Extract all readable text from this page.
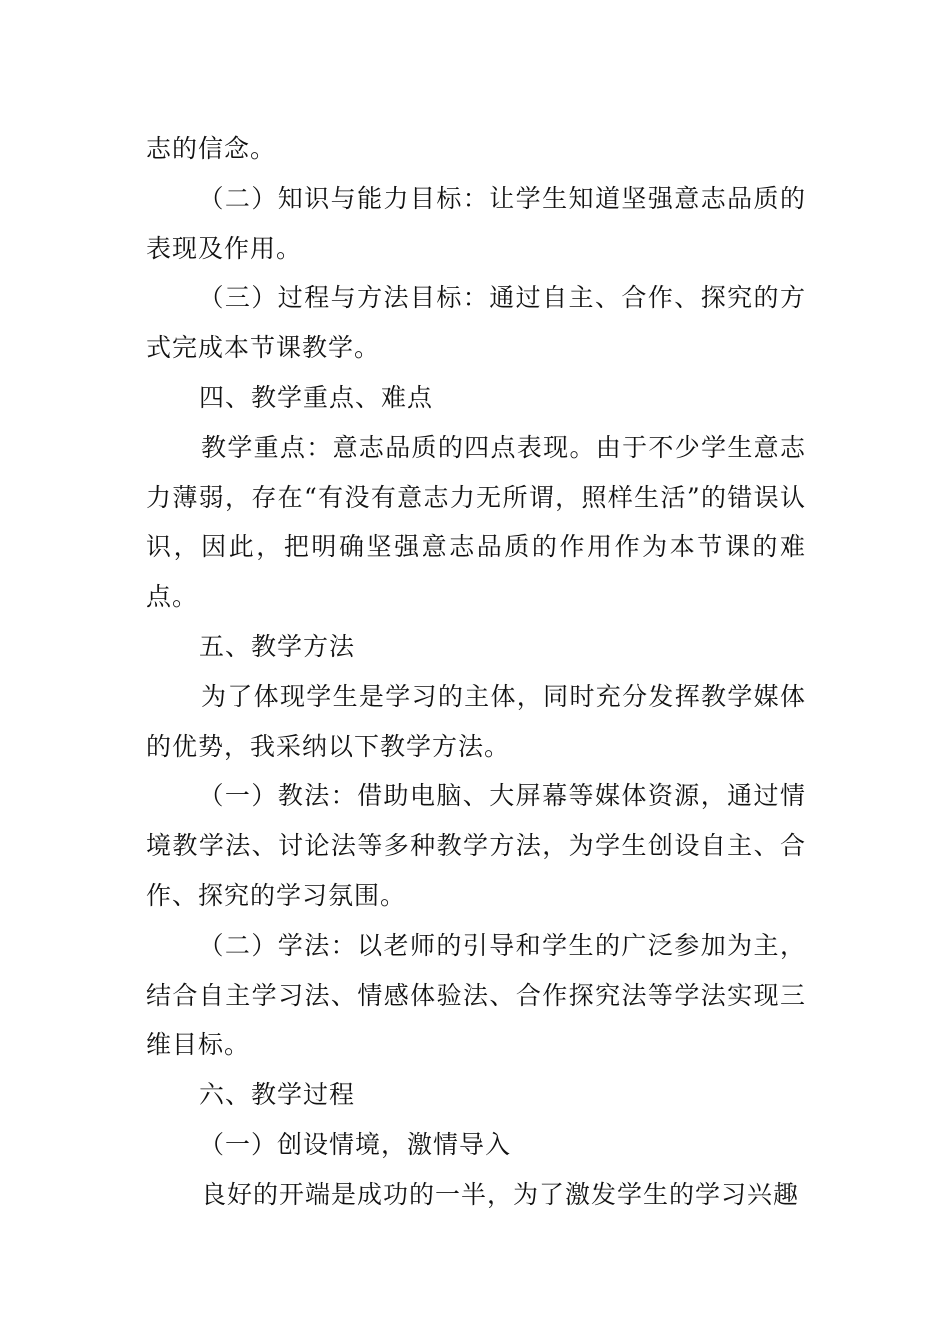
志的信念。

（二）知识与能力目标：让学生知道坚强意志品质的表现及作用。

（三）过程与方法目标：通过自主、合作、探究的方式完成本节课教学。

四、教学重点、难点

教学重点：意志品质的四点表现。由于不少学生意志力薄弱，存在“有没有意志力无所谓，照样生活”的错误认识，因此，把明确坚强意志品质的作用作为本节课的难点。

五、教学方法

为了体现学生是学习的主体，同时充分发挥教学媒体的优势，我采纳以下教学方法。

（一）教法：借助电脑、大屏幕等媒体资源，通过情境教学法、讨论法等多种教学方法，为学生创设自主、合作、探究的学习氛围。

（二）学法：以老师的引导和学生的广泛参加为主，结合自主学习法、情感体验法、合作探究法等学法实现三维目标。

六、教学过程

（一）创设情境，激情导入

良好的开端是成功的一半，为了激发学生的学习兴趣
